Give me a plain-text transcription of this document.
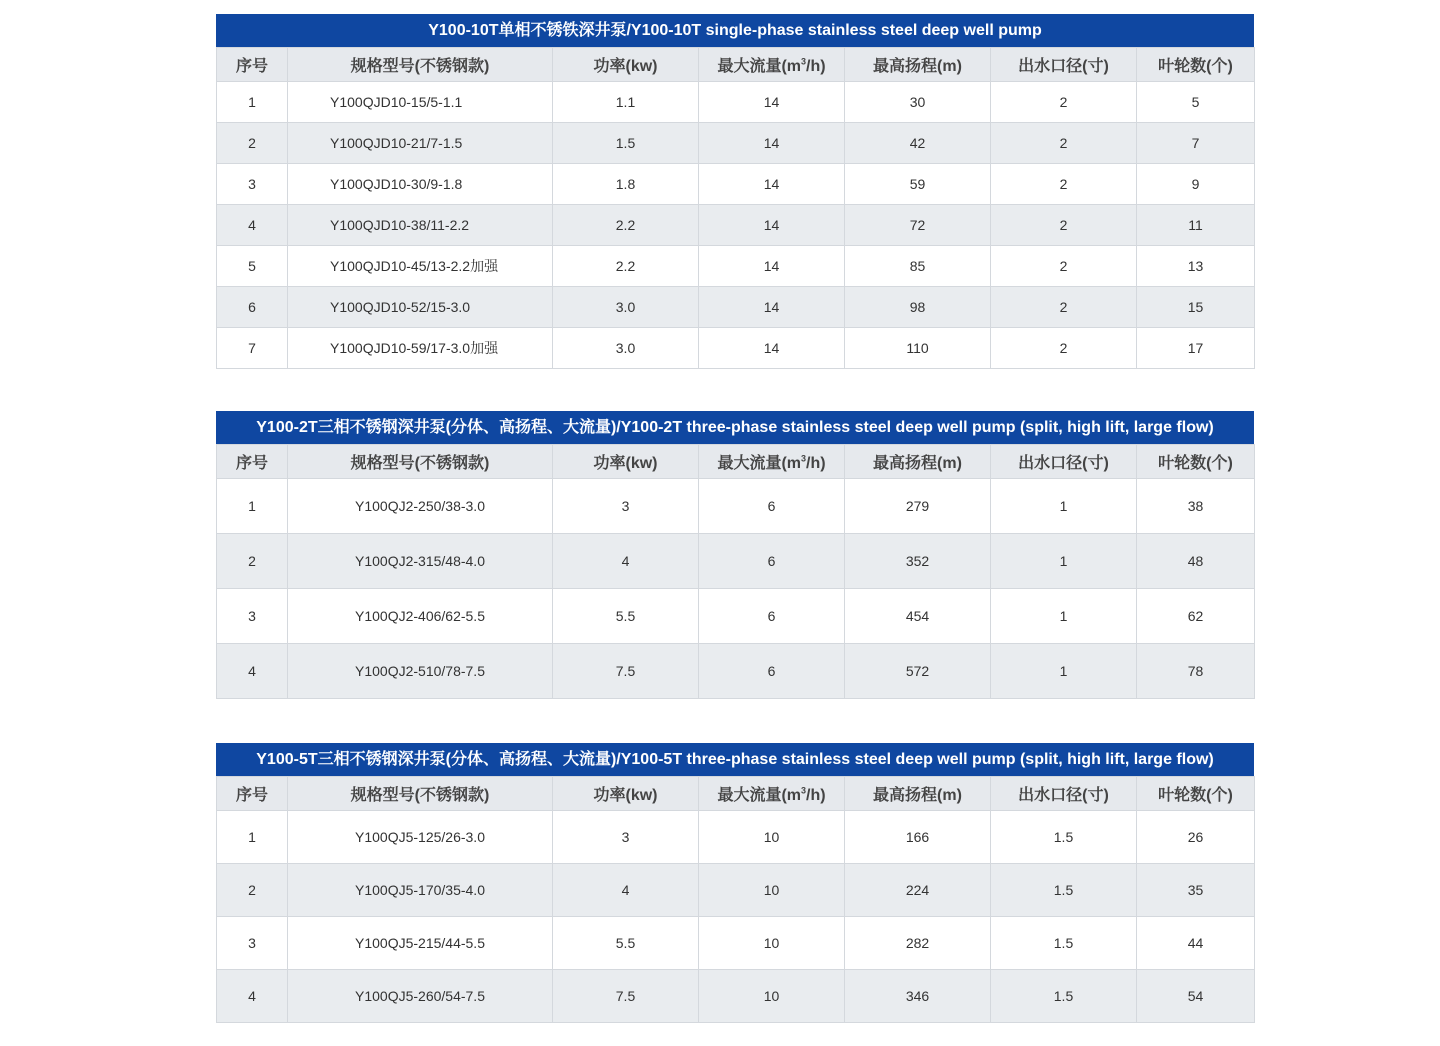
Y100-10T单相不锈铁深井泵/Y100-10T single-phase stainless steel deep well pump
序号	规格型号(不锈钢款)	功率(kw)	最大流量$(m^3/h)$	最高扬程(m)	出水口径(寸)	叶轮数(个)
1	Y100QJD10-15/5-1.1	1.1	14	30	2	5
2	Y100QJD10-21/7-1.5	1.5	14	42	2	7
3	Y100QJD10-30/9-1.8	1.8	14	59	2	9
4	Y100QJD10-38/11-2.2	2.2	14	72	2	11
5	Y100QJD10-45/13-2.2加强	2.2	14	85	2	13
6	Y100QJD10-52/15-3.0	3.0	14	98	2	15
7	Y100QJD10-59/17-3.0加强	3.0	14	110	2	17
Y100-2T三相不锈钢深井泵(分体、高扬程、大流量)/Y100-2T three-phase stainless steel deep well pump (split, high lift, large flow)
序号	规格型号(不锈钢款)	功率(kw)	最大流量$(m^3/h)$	最高扬程(m)	出水口径(寸)	叶轮数(个)
1	Y100QJ2-250/38-3.0	3	6	279	1	38
2	Y100QJ2-315/48-4.0	4	6	352	1	48
3	Y100QJ2-406/62-5.5	5.5	6	454	1	62
4	Y100QJ2-510/78-7.5	7.5	6	572	1	78
Y100-5T三相不锈钢深井泵(分体、高扬程、大流量)/Y100-5T three-phase stainless steel deep well pump (split, high lift, large flow)
序号	规格型号(不锈钢款)	功率(kw)	最大流量$(m^3/h)$	最高扬程(m)	出水口径(寸)	叶轮数(个)
1	Y100QJ5-125/26-3.0	3	10	166	1.5	26
2	Y100QJ5-170/35-4.0	4	10	224	1.5	35
3	Y100QJ5-215/44-5.5	5.5	10	282	1.5	44
4	Y100QJ5-260/54-7.5	7.5	10	346	1.5	54
